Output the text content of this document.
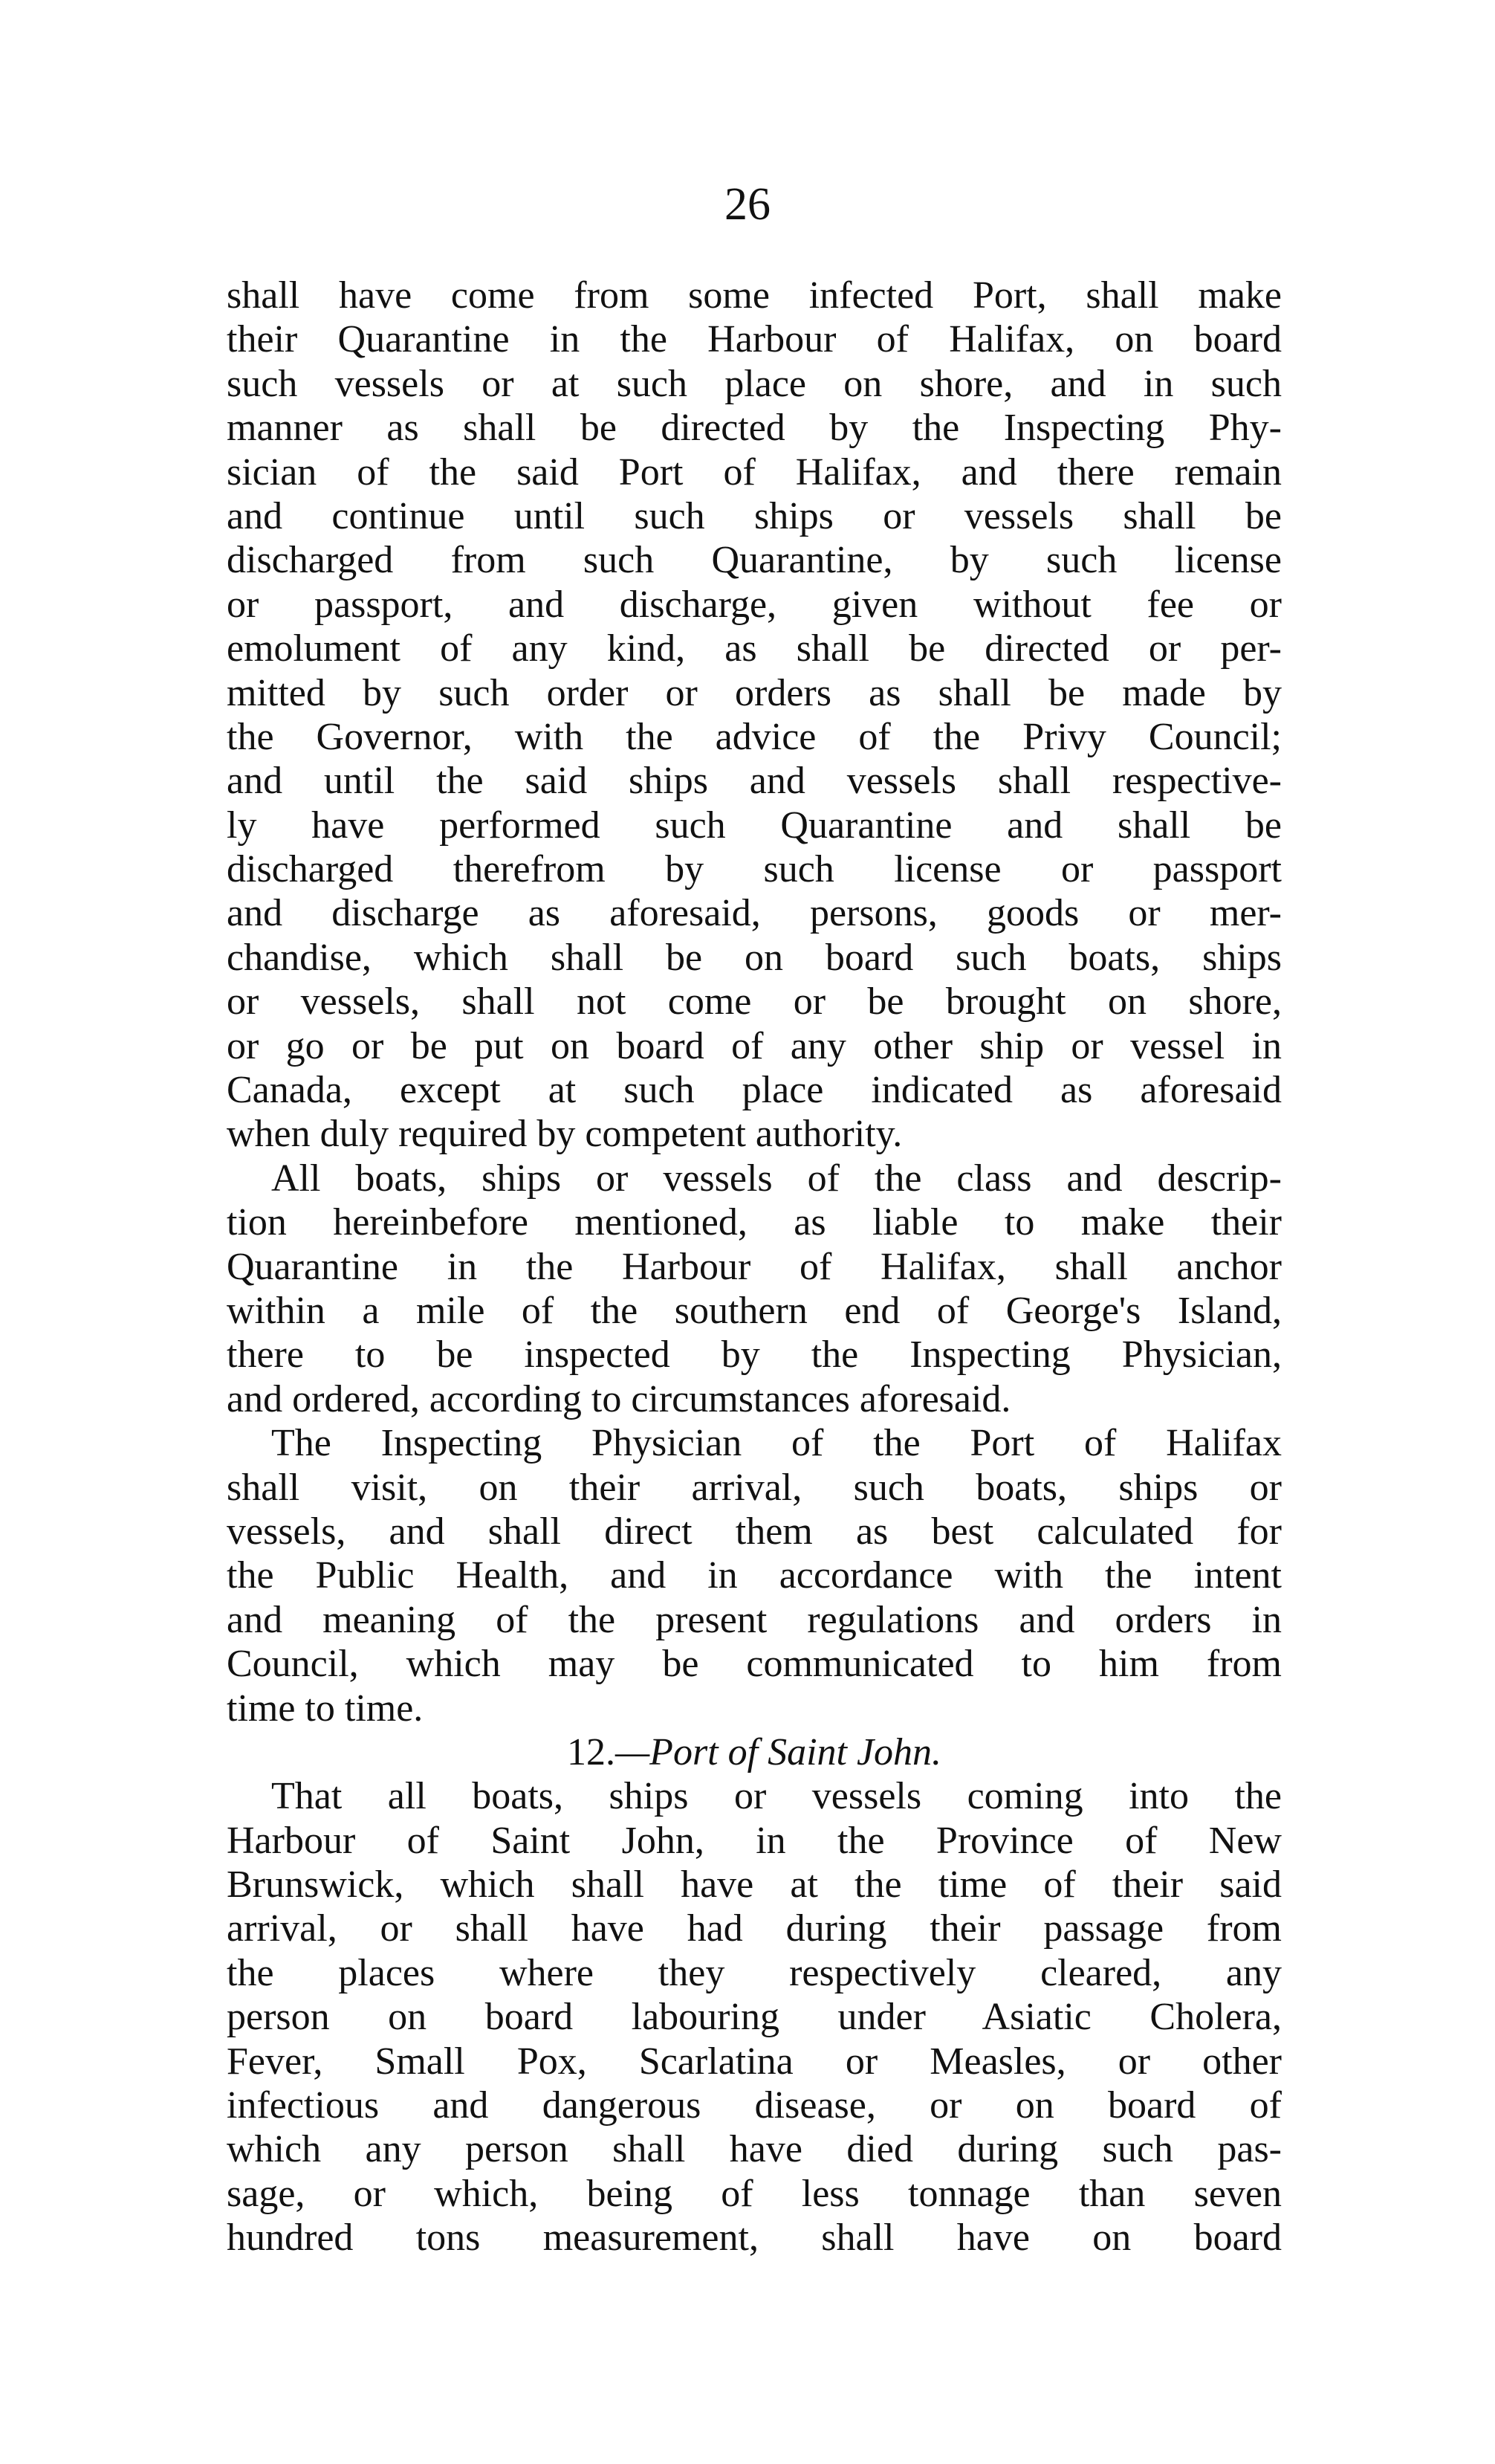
26
shall have come from some infected Port, shall make
their Quarantine in the Harbour of Halifax, on board
such vessels or at such place on shore, and in such
manner as shall be directed by the Inspecting Phy-
sician of the said Port of Halifax, and there remain
and continue until such ships or vessels shall be
discharged from such Quarantine, by such license
or passport, and discharge, given without fee or
emolument of any kind, as shall be directed or per-
mitted by such order or orders as shall be made by
the Governor, with the advice of the Privy Council;
and until the said ships and vessels shall respective-
ly have performed such Quarantine and shall be
discharged therefrom by such license or passport
and discharge as aforesaid, persons, goods or mer-
chandise, which shall be on board such boats, ships
or vessels, shall not come or be brought on shore,
or go or be put on board of any other ship or vessel in
Canada, except at such place indicated as aforesaid
when duly required by competent authority.
All boats, ships or vessels of the class and descrip-
tion hereinbefore mentioned, as liable to make their
Quarantine in the Harbour of Halifax, shall anchor
within a mile of the southern end of George's Island,
there to be inspected by the Inspecting Physician,
and ordered, according to circumstances aforesaid.
The Inspecting Physician of the Port of Halifax
shall visit, on their arrival, such boats, ships or
vessels, and shall direct them as best calculated for
the Public Health, and in accordance with the intent
and meaning of the present regulations and orders in
Council, which may be communicated to him from
time to time.
12.—Port of Saint John.
That all boats, ships or vessels coming into the
Harbour of Saint John, in the Province of New
Brunswick, which shall have at the time of their said
arrival, or shall have had during their passage from
the places where they respectively cleared, any
person on board labouring under Asiatic Cholera,
Fever, Small Pox, Scarlatina or Measles, or other
infectious and dangerous disease, or on board of
which any person shall have died during such pas-
sage, or which, being of less tonnage than seven
hundred tons measurement, shall have on board
